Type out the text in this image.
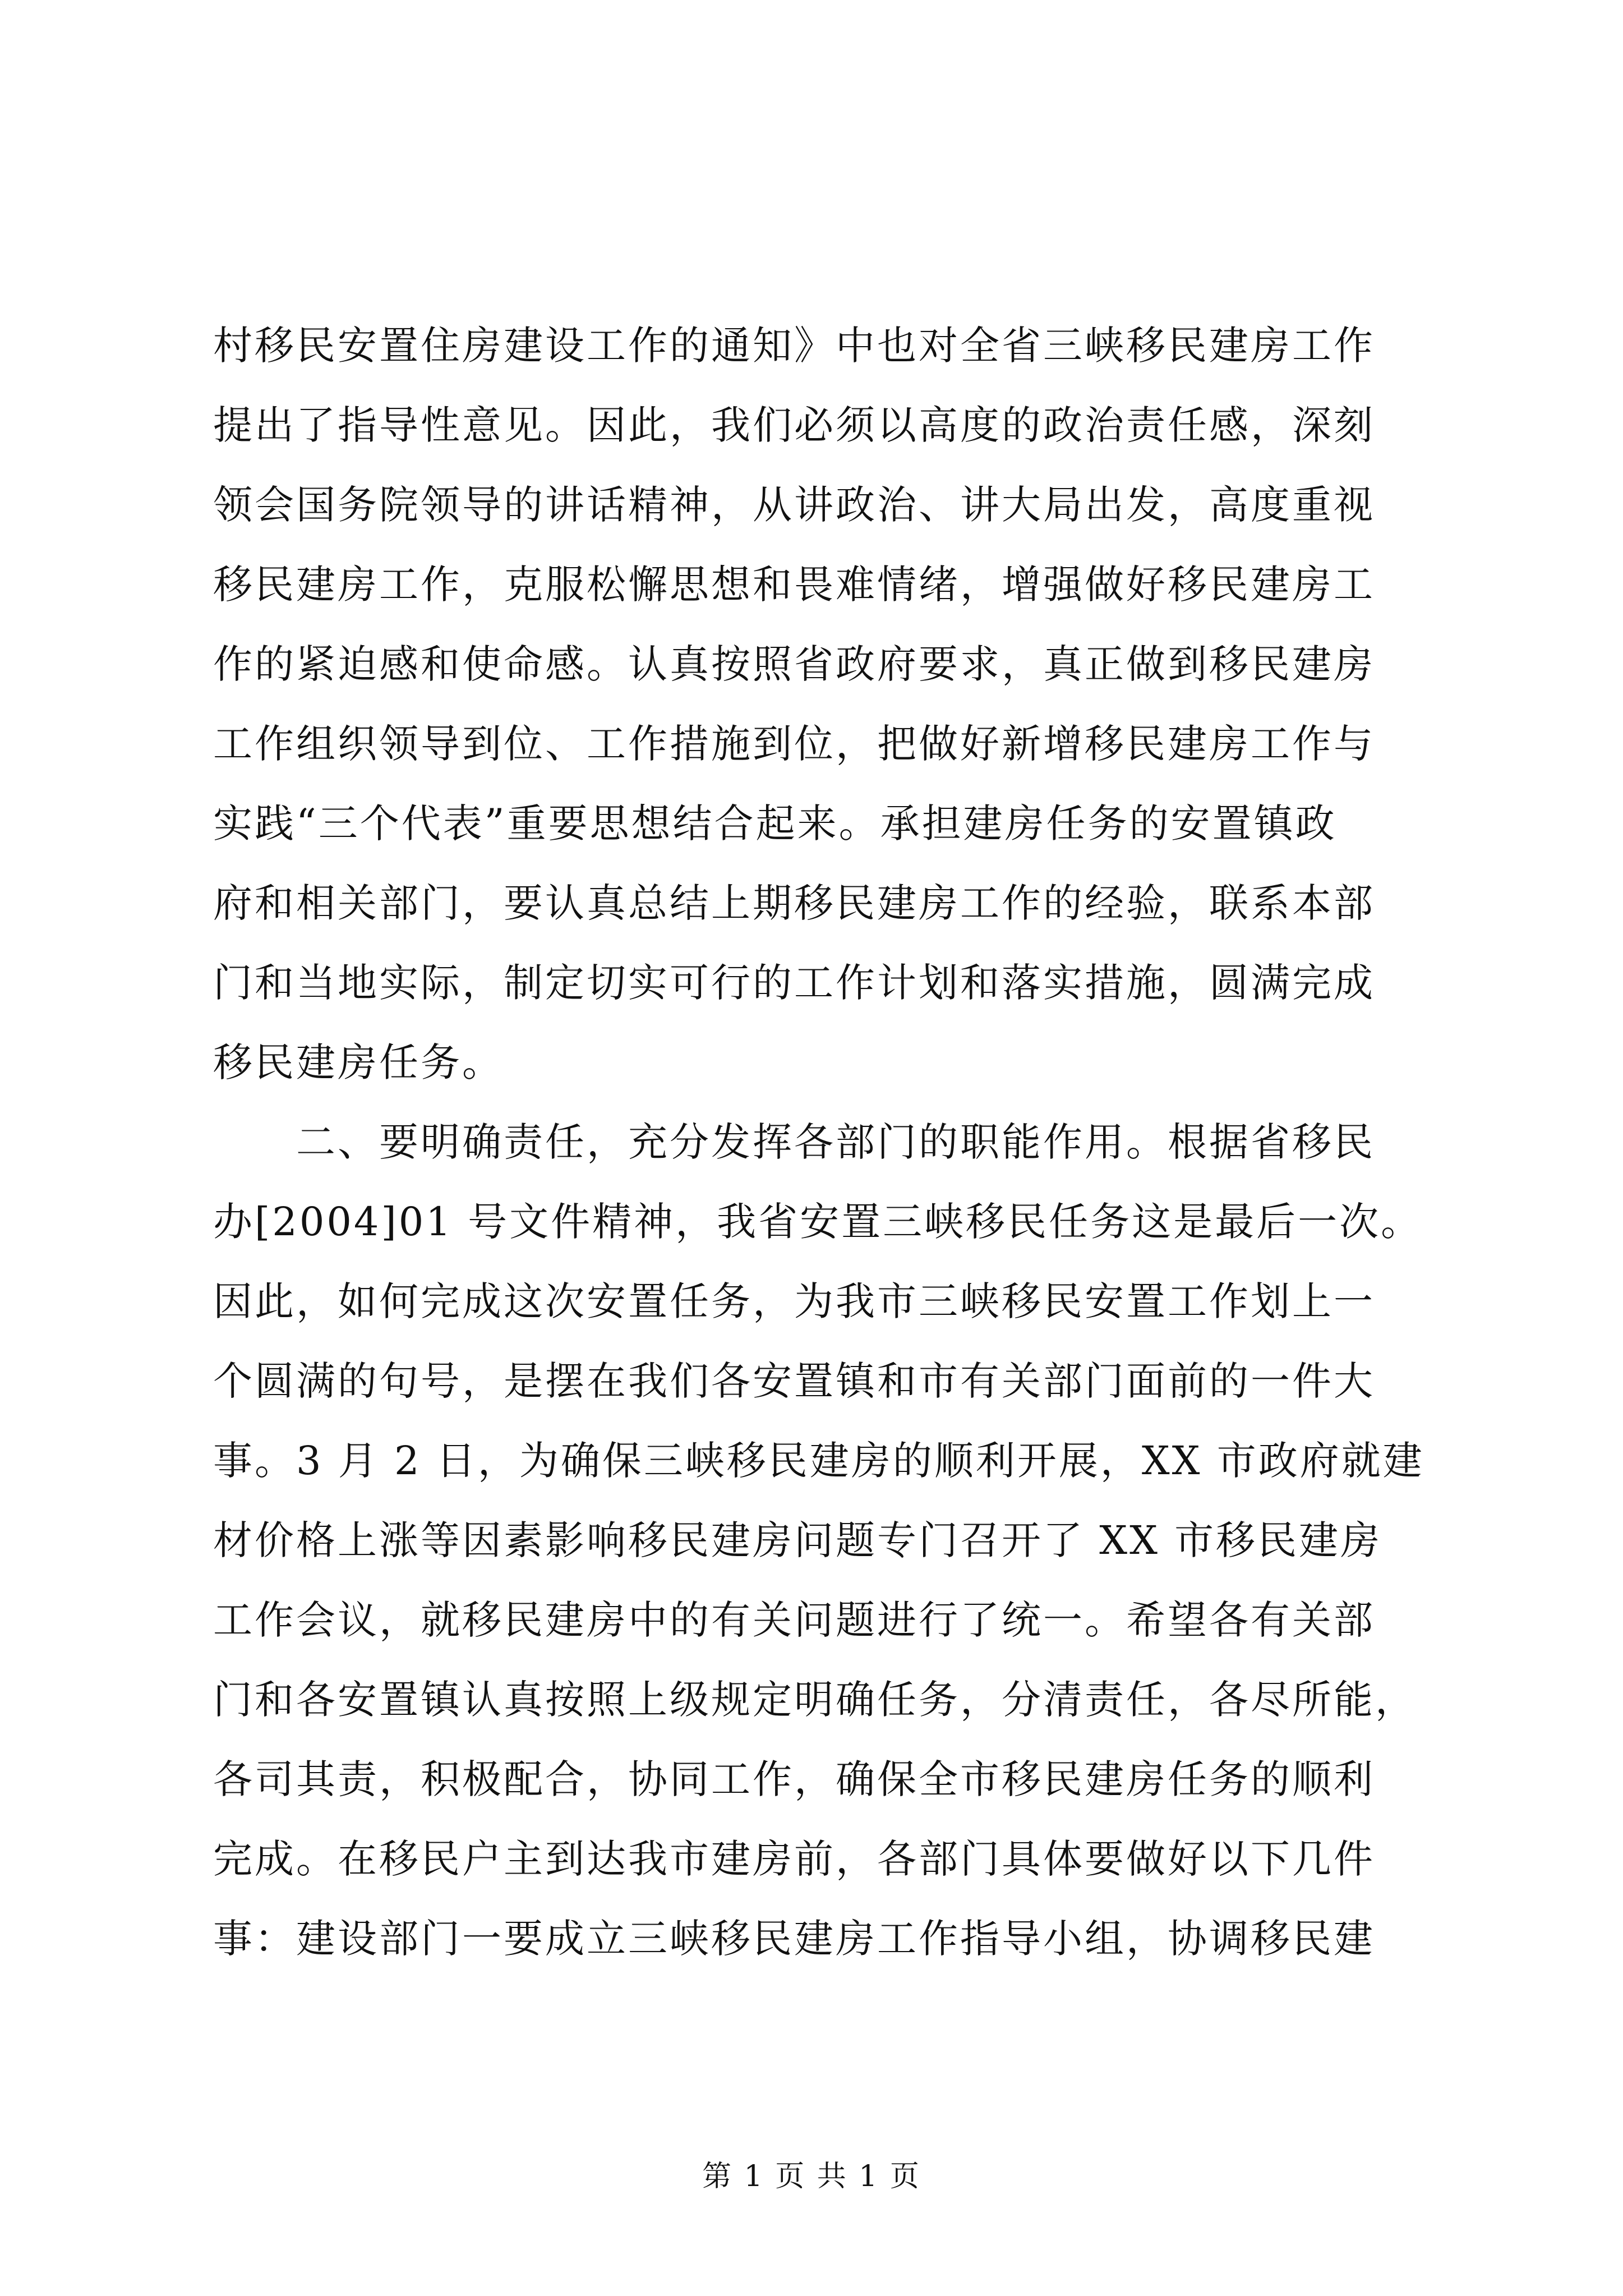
村移民安置住房建设工作的通知》中也对全省三峡移民建房工作
提出了指导性意见。因此，我们必须以高度的政治责任感，深刻
领会国务院领导的讲话精神，从讲政治、讲大局出发，高度重视
移民建房工作，克服松懈思想和畏难情绪，增强做好移民建房工
作的紧迫感和使命感。认真按照省政府要求，真正做到移民建房
工作组织领导到位、工作措施到位，把做好新增移民建房工作与
实践“三个代表”重要思想结合起来。承担建房任务的安置镇政
府和相关部门，要认真总结上期移民建房工作的经验，联系本部
门和当地实际，制定切实可行的工作计划和落实措施，圆满完成
移民建房任务。
　　二、要明确责任，充分发挥各部门的职能作用。根据省移民
办[2004]01 号文件精神，我省安置三峡移民任务这是最后一次。
因此，如何完成这次安置任务，为我市三峡移民安置工作划上一
个圆满的句号，是摆在我们各安置镇和市有关部门面前的一件大
事。3 月 2 日，为确保三峡移民建房的顺利开展，XX 市政府就建
材价格上涨等因素影响移民建房问题专门召开了 XX 市移民建房
工作会议，就移民建房中的有关问题进行了统一。希望各有关部
门和各安置镇认真按照上级规定明确任务，分清责任，各尽所能，
各司其责，积极配合，协同工作，确保全市移民建房任务的顺利
完成。在移民户主到达我市建房前，各部门具体要做好以下几件
事：建设部门一要成立三峡移民建房工作指导小组，协调移民建
第 1 页 共 1 页
